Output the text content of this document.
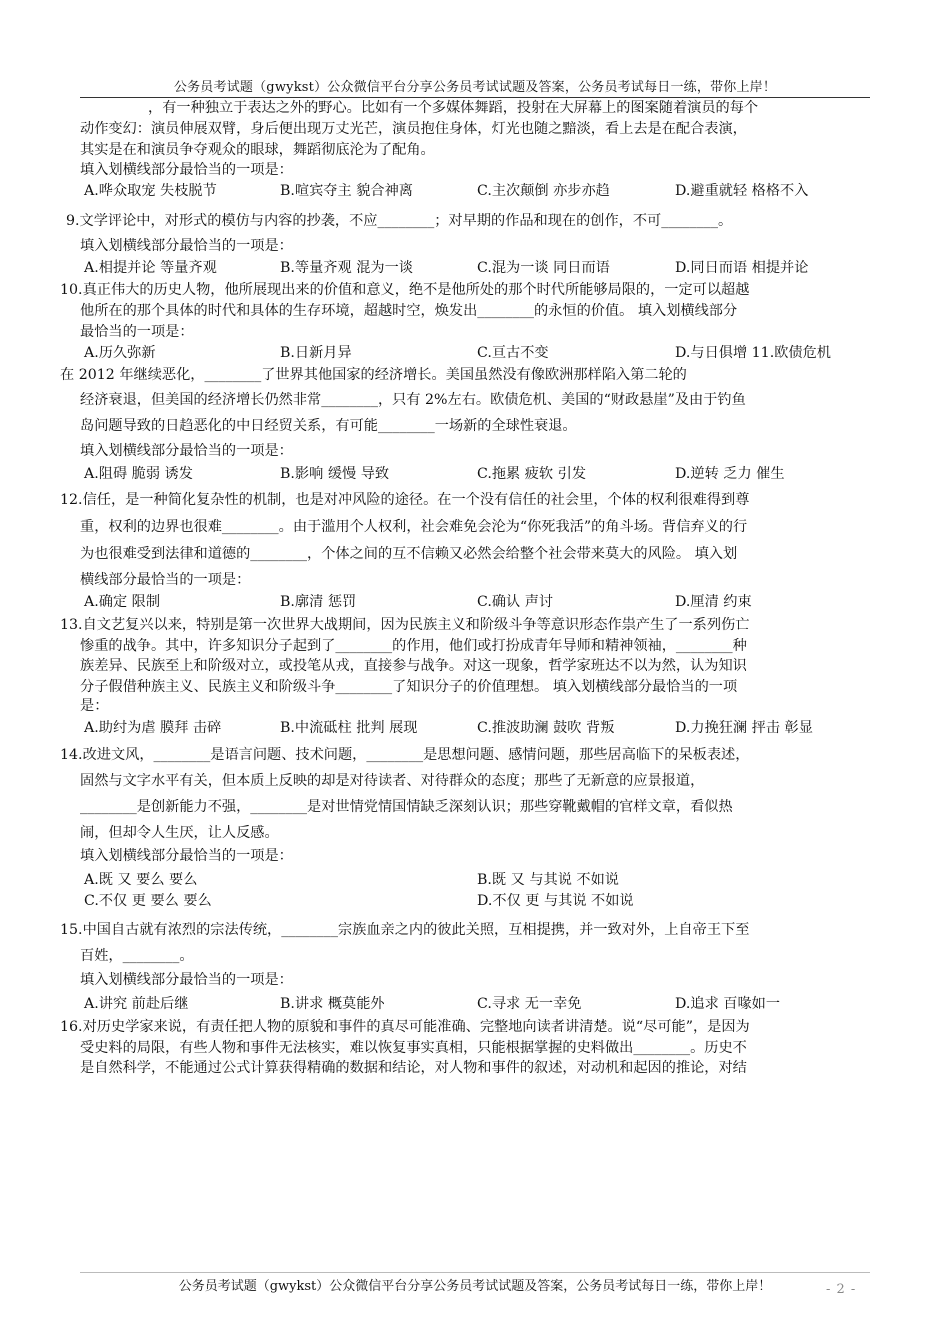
公务员考试题（gwykst）公众微信平台分享公务员考试试题及答案，公务员考试每日一练，带你上岸！
，有一种独立于表达之外的野心。比如有一个多媒体舞蹈，投射在大屏幕上的图案随着演员的每个
动作变幻：演员伸展双臂，身后便出现万丈光芒，演员抱住身体，灯光也随之黯淡，看上去是在配合表演，
其实是在和演员争夺观众的眼球，舞蹈彻底沦为了配角。
填入划横线部分最恰当的一项是：
A.哗众取宠 失枝脱节	B.喧宾夺主 貌合神离	C.主次颠倒 亦步亦趋	D.避重就轻 格格不入
9.文学评论中，对形式的模仿与内容的抄袭，不应________；对早期的作品和现在的创作，不可________。
填入划横线部分最恰当的一项是：
A.相提并论 等量齐观	B.等量齐观 混为一谈	C.混为一谈 同日而语	D.同日而语 相提并论
10.真正伟大的历史人物，他所展现出来的价值和意义，绝不是他所处的那个时代所能够局限的，一定可以超越
他所在的那个具体的时代和具体的生存环境，超越时空，焕发出________的永恒的价值。 填入划横线部分
最恰当的一项是：
A.历久弥新	B.日新月异	C.亘古不变	D.与日俱增 11.欧债危机
在 2012 年继续恶化，________了世界其他国家的经济增长。美国虽然没有像欧洲那样陷入第二轮的
经济衰退，但美国的经济增长仍然非常________，只有 2%左右。欧债危机、美国的“财政悬崖”及由于钓鱼
岛问题导致的日趋恶化的中日经贸关系，有可能________一场新的全球性衰退。
填入划横线部分最恰当的一项是：
A.阻碍 脆弱 诱发	B.影响 缓慢 导致	C.拖累 疲软 引发	D.逆转 乏力 催生
12.信任，是一种简化复杂性的机制，也是对冲风险的途径。在一个没有信任的社会里，个体的权利很难得到尊
重，权利的边界也很难________。由于滥用个人权利，社会难免会沦为“你死我活”的角斗场。背信弃义的行
为也很难受到法律和道德的________，个体之间的互不信赖又必然会给整个社会带来莫大的风险。 填入划
横线部分最恰当的一项是：
A.确定 限制	B.廓清 惩罚	C.确认 声讨	D.厘清 约束
13.自文艺复兴以来，特别是第一次世界大战期间，因为民族主义和阶级斗争等意识形态作祟产生了一系列伤亡
惨重的战争。其中，许多知识分子起到了________的作用，他们或打扮成青年导师和精神领袖，________种
族差异、民族至上和阶级对立，或投笔从戎，直接参与战争。对这一现象，哲学家班达不以为然，认为知识
分子假借种族主义、民族主义和阶级斗争________了知识分子的价值理想。 填入划横线部分最恰当的一项
是：
A.助纣为虐 膜拜 击碎	B.中流砥柱 批判 展现	C.推波助澜 鼓吹 背叛	D.力挽狂澜 抨击 彰显
14.改进文风，________是语言问题、技术问题，________是思想问题、感情问题，那些居高临下的呆板表述，
固然与文字水平有关，但本质上反映的却是对待读者、对待群众的态度；那些了无新意的应景报道，
________是创新能力不强，________是对世情党情国情缺乏深刻认识；那些穿靴戴帽的官样文章，看似热
闹，但却令人生厌，让人反感。
填入划横线部分最恰当的一项是：
A.既 又 要么 要么	B.既 又 与其说 不如说
C.不仅 更 要么 要么	D.不仅 更 与其说 不如说
15.中国自古就有浓烈的宗法传统，________宗族血亲之内的彼此关照，互相提携，并一致对外，上自帝王下至
百姓，________。
填入划横线部分最恰当的一项是：
A.讲究 前赴后继	B.讲求 概莫能外	C.寻求 无一幸免	D.追求 百喙如一
16.对历史学家来说，有责任把人物的原貌和事件的真尽可能准确、完整地向读者讲清楚。说“尽可能”，是因为
受史料的局限，有些人物和事件无法核实，难以恢复事实真相，只能根据掌握的史料做出________。历史不
是自然科学，不能通过公式计算获得精确的数据和结论，对人物和事件的叙述，对动机和起因的推论，对结
公务员考试题（gwykst）公众微信平台分享公务员考试试题及答案，公务员考试每日一练，带你上岸！	- 2 -
